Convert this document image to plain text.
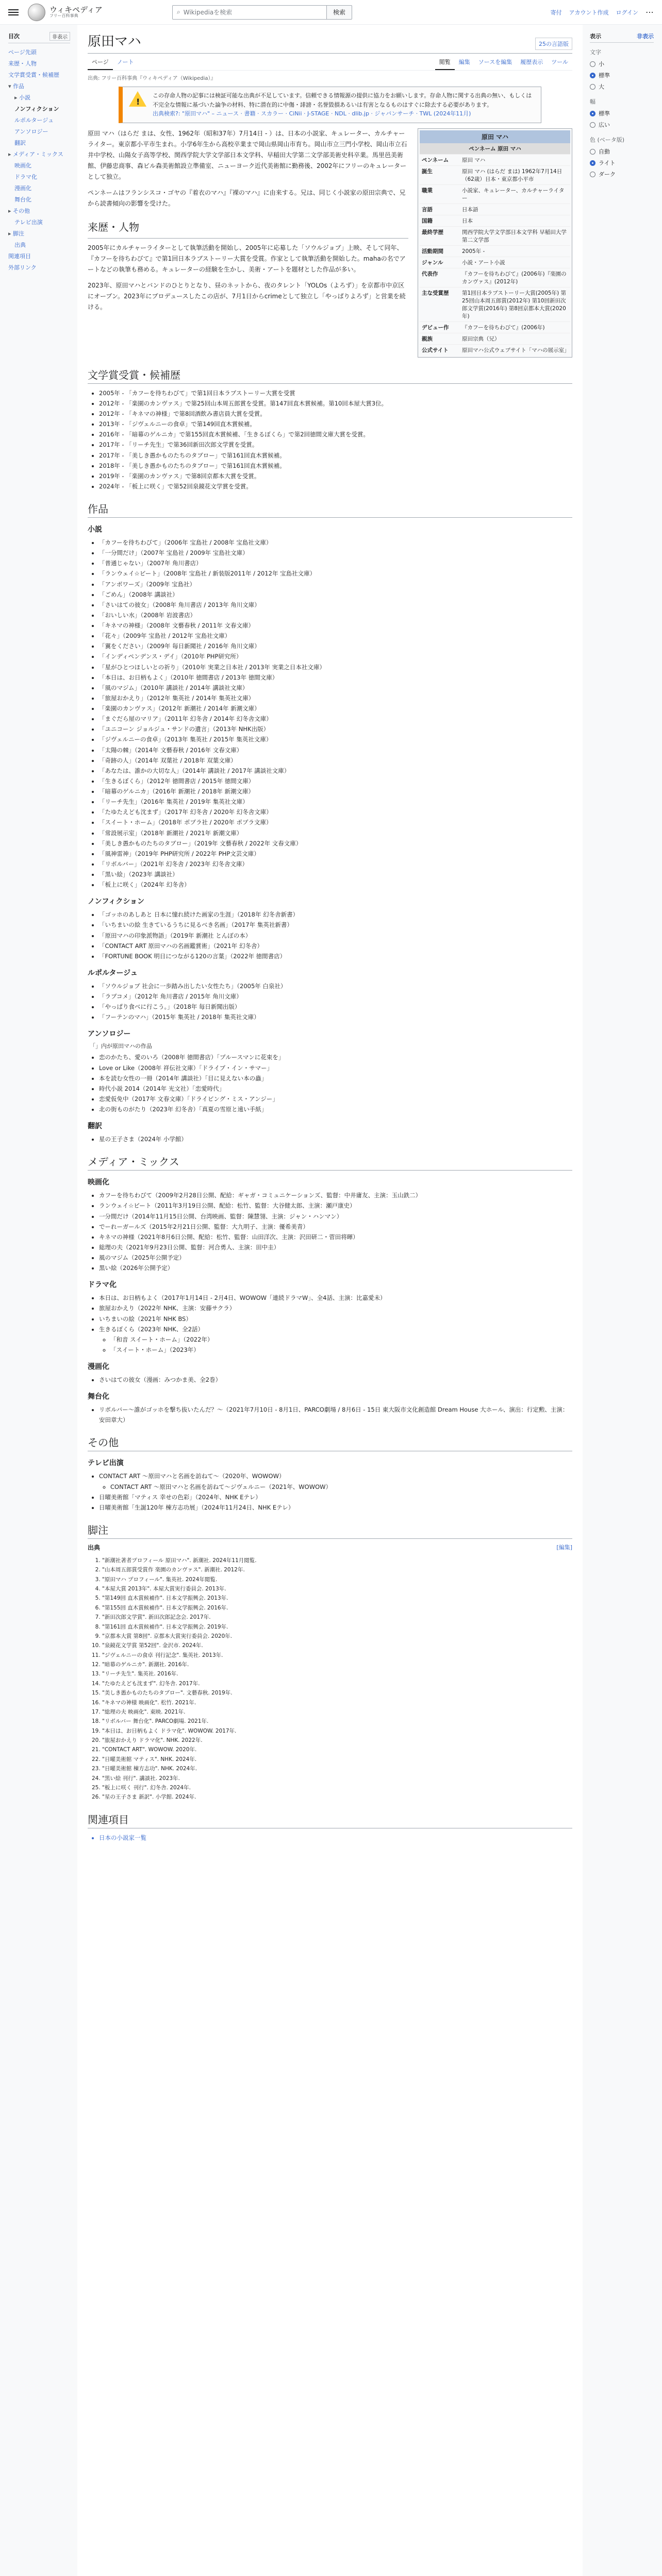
ウィキペディア
フリー百科事典
⌕ Wikipediaを検索	検索	寄付 アカウント作成 ログイン ⋯
目次	非表示
ページ先頭
来歴・人物
文学賞受賞・候補歴
▾ 作品
▸ 小説
ノンフィクション
ルポルタージュ
アンソロジー
翻訳
▸ メディア・ミックス
映画化
ドラマ化
漫画化
舞台化
▸ その他
テレビ出演
▸ 脚注
出典
関連項目
外部リンク
原田マハ	25の言語版
ページ	ノート	閲覧	編集	ソースを編集	履歴表示	ツール
出典: フリー百科事典『ウィキペディア（Wikipedia）』
!
この存命人物の記事には検証可能な出典が不足しています。信頼できる情報源の提供に協力をお願いします。存命人物に関する出典の無い、もしくは不完全な情報に基づいた論争の材料、特に潜在的に中傷・誹謗・名誉毀損あるいは有害となるものはすぐに除去する必要があります。
出典検索?: "原田マハ" – ニュース · 書籍 · スカラー · CiNii · J-STAGE · NDL · dlib.jp · ジャパンサーチ · TWL (2024年11月)

原田 マハ（はらだ まは、女性、1962年（昭和37年）7月14日 - ）は、日本の小説家、キュレーター、カルチャーライター。東京都小平市生まれ。小学6年生から高校卒業まで岡山県岡山市育ち。岡山市立三門小学校、岡山市立石井中学校、山陽女子高等学校、関西学院大学文学部日本文学科、早稲田大学第二文学部美術史科卒業。馬里邑美術館、伊藤忠商事、森ビル森美術館設立準備室、ニューヨーク近代美術館に勤務後、2002年にフリーのキュレーターとして独立。

ペンネームはフランシスコ・ゴヤの『着衣のマハ』『裸のマハ』に由来する。兄は、同じく小説家の原田宗典で、兄から読書傾向の影響を受けた。

来歴・人物

2005年にカルチャーライターとして執筆活動を開始し、2005年に応募した「ソウルジョブ」上映、そして同年、『カフーを待ちわびて』で第1回日本ラブストーリー大賞を受賞。作家として執筆活動を開始した。mahaの名でアートなどの執筆も務める。キュレーターの経験を生かし、美術・アートを題材とした作品が多い。

2023年、原田マハとバンドのひとりとなり、昼のネットから、夜のタレント「YOLOs（よろず）」を京都市中京区にオープン。2023年にプロデュースしたこの店が、7月1日からcrimeとして独立し「やっぱりよろず」と営業を続ける。

原田 マハ
ペンネーム 原田 マハ
ペンネーム	原田 マハ
誕生	原田 マハ (はらだ まは) 1962年7月14日（62歳）日本・東京都小平市
職業	小説家、キュレーター、カルチャーライター
言語	日本語
国籍	日本
最終学歴	関西学院大学文学部日本文学科 早稲田大学第二文学部
活動期間	2005年 -
ジャンル	小説・アート小説
代表作	『カフーを待ちわびて』(2006年)『楽園のカンヴァス』(2012年)
主な受賞歴	第1回日本ラブストーリー大賞(2005年) 第25回山本周五郎賞(2012年) 第10回新田次郎文学賞(2016年) 第8回京都本大賞(2020年)
デビュー作	『カフーを待ちわびて』(2006年)
親族	原田宗典（兄）
公式サイト	原田マハ公式ウェブサイト「マハの展示室」
文学賞受賞・候補歴
• 2005年 - 「カフーを待ちわびて」で第1回日本ラブストーリー大賞を受賞
• 2012年 - 「楽園のカンヴァス」で第25回山本周五郎賞を受賞。第147回直木賞候補。第10回本屋大賞3位。
• 2012年 - 「キネマの神様」で第8回酒飲み書店員大賞を受賞。
• 2013年 - 「ジヴェルニーの食卓」で第149回直木賞候補。
• 2016年 - 「暗幕のゲルニカ」で第155回直木賞候補、「生きるぼくら」で第2回徳間文庫大賞を受賞。
• 2017年 - 「リーチ先生」で第36回新田次郎文学賞を受賞。
• 2017年 - 「美しき愚かものたちのタブロー」で第161回直木賞候補。
• 2018年 - 「美しき愚かものたちのタブロー」で第161回直木賞候補。
• 2019年 - 「楽園のカンヴァス」で第8回京都本大賞を受賞。
• 2024年 - 「板上に咲く」で第52回泉鏡花文学賞を受賞。
作品
小説
• 「カフーを待ちわびて」（2006年 宝島社 / 2008年 宝島社文庫）
• 「一分間だけ」（2007年 宝島社 / 2009年 宝島社文庫）
• 「普通じゃない」（2007年 角川書店）
• 「ランウェイ☆ビート」（2008年 宝島社 / 新装版2011年 / 2012年 宝島社文庫）
• 「アンボワーズ」（2009年 宝島社）
• 「ごめん」（2008年 講談社）
• 「さいはての彼女」（2008年 角川書店 / 2013年 角川文庫）
• 「おいしい水」（2008年 岩波書店）
• 「キネマの神様」（2008年 文藝春秋 / 2011年 文春文庫）
• 「花々」（2009年 宝島社 / 2012年 宝島社文庫）
• 「翼をください」（2009年 毎日新聞社 / 2016年 角川文庫）
• 「インディペンデンス・デイ」（2010年 PHP研究所）
• 「星がひとつほしいとの祈り」（2010年 実業之日本社 / 2013年 実業之日本社文庫）
• 「本日は、お日柄もよく」（2010年 徳間書店 / 2013年 徳間文庫）
• 「風のマジム」（2010年 講談社 / 2014年 講談社文庫）
• 「旅屋おかえり」（2012年 集英社 / 2014年 集英社文庫）
• 「楽園のカンヴァス」（2012年 新潮社 / 2014年 新潮文庫）
• 「まぐだら屋のマリア」（2011年 幻冬舎 / 2014年 幻冬舎文庫）
• 「ユニコーン ジョルジュ・サンドの遺言」（2013年 NHK出版）
• 「ジヴェルニーの食卓」（2013年 集英社 / 2015年 集英社文庫）
• 「太陽の棘」（2014年 文藝春秋 / 2016年 文春文庫）
• 「奇跡の人」（2014年 双葉社 / 2018年 双葉文庫）
• 「あなたは、誰かの大切な人」（2014年 講談社 / 2017年 講談社文庫）
• 「生きるぼくら」（2012年 徳間書店 / 2015年 徳間文庫）
• 「暗幕のゲルニカ」（2016年 新潮社 / 2018年 新潮文庫）
• 「リーチ先生」（2016年 集英社 / 2019年 集英社文庫）
• 「たゆたえども沈まず」（2017年 幻冬舎 / 2020年 幻冬舎文庫）
• 「スイート・ホーム」（2018年 ポプラ社 / 2020年 ポプラ文庫）
• 「常設展示室」（2018年 新潮社 / 2021年 新潮文庫）
• 「美しき愚かものたちのタブロー」（2019年 文藝春秋 / 2022年 文春文庫）
• 「風神雷神」（2019年 PHP研究所 / 2022年 PHP文芸文庫）
• 「リボルバー」（2021年 幻冬舎 / 2023年 幻冬舎文庫）
• 「黒い絵」（2023年 講談社）
• 「板上に咲く」（2024年 幻冬舎）
ノンフィクション
• 「ゴッホのあしあと 日本に憧れ続けた画家の生涯」（2018年 幻冬舎新書）
• 「いちまいの絵 生きているうちに見るべき名画」（2017年 集英社新書）
• 「原田マハの印象派物語」（2019年 新潮社 とんぼの本）
• 「CONTACT ART 原田マハの名画鑑賞術」（2021年 幻冬舎）
• 「FORTUNE BOOK 明日につながる120の言葉」（2022年 徳間書店）
ルポルタージュ
• 「ソウルジョブ 社会に一歩踏み出したい女性たち」（2005年 白泉社）
• 「ラブコメ」（2012年 角川書店 / 2015年 角川文庫）
• 「やっぱり食べに行こう。」（2018年 毎日新聞出版）
• 「フーテンのマハ」（2015年 集英社 / 2018年 集英社文庫）
アンソロジー
「」内が原田マハの作品
• 恋のかたち、愛のいろ（2008年 徳間書店）「プルースマンに花束を」
• Love or Like（2008年 祥伝社文庫）「ドライブ・イン・サマー」
• 本を読む女性の一冊（2014年 講談社）「目に見えない本の蟲」
• 時代小説 2014（2014年 光文社）「恋愛時代」
• 恋愛仮免中（2017年 文春文庫）「ドライビング・ミス・アンジー」
• 北の街ものがたり（2023年 幻冬舎）「真夏の雪原と遠い手紙」
翻訳
• 星の王子さま（2024年 小学館）
メディア・ミックス
映画化
• カフーを待ちわびて（2009年2月28日公開、配給：ギャガ・コミュニケーションズ、監督：中井庸友、主演：玉山鉄二）
• ランウェイ☆ビート（2011年3月19日公開、配給：松竹、監督：大谷健太郎、主演：瀬戸康史）
• 一分間だけ（2014年11月15日公開、台湾映画、監督：陳慧翎、主演：ジャン・ハンマン）
• でーれーガールズ（2015年2月21日公開、監督：大九明子、主演：優希美青）
• キネマの神様（2021年8月6日公開、配給：松竹、監督：山田洋次、主演：沢田研二・菅田将暉）
• 総理の夫（2021年9月23日公開、監督：河合勇人、主演：田中圭）
• 風のマジム（2025年公開予定）
• 黒い絵（2026年公開予定）
ドラマ化
• 本日は、お日柄もよく（2017年1月14日 - 2月4日、WOWOW「連続ドラマW」、全4話、主演：比嘉愛未）
• 旅屋おかえり（2022年 NHK、主演：安藤サクラ）
• いちまいの絵（2021年 NHK BS）
• 生きるぼくら（2023年 NHK、全2話）
◦ 「和音 スイート・ホーム」（2022年）
◦ 「スイート・ホーム」（2023年）
漫画化
• さいはての彼女（漫画：みつかま美、全2巻）
舞台化
• リボルバー〜誰がゴッホを撃ち抜いたんだ？〜（2021年7月10日 - 8月1日、PARCO劇場 / 8月6日 - 15日 東大阪市文化創造館 Dream House 大ホール、演出：行定勲、主演：安田章大）
その他
テレビ出演
• CONTACT ART ～原田マハと名画を訪ねて～（2020年、WOWOW）
◦ CONTACT ART ～原田マハと名画を訪ねて～ジヴェルニー（2021年、WOWOW）
• 日曜美術館「マティス 幸せの色彩」（2024年、NHK Eテレ）
• 日曜美術館「生誕120年 棟方志功展」（2024年11月24日、NHK Eテレ）
脚注
出典	[編集]
1. "新潮社著者プロフィール 原田マハ". 新潮社. 2024年11月閲覧.
2. "山本周五郎賞受賞作 楽園のカンヴァス". 新潮社. 2012年.
3. "原田マハ プロフィール". 集英社. 2024年閲覧.
4. "本屋大賞 2013年". 本屋大賞実行委員会. 2013年.
5. "第149回 直木賞候補作". 日本文学振興会. 2013年.
6. "第155回 直木賞候補作". 日本文学振興会. 2016年.
7. "新田次郎文学賞". 新田次郎記念会. 2017年.
8. "第161回 直木賞候補作". 日本文学振興会. 2019年.
9. "京都本大賞 第8回". 京都本大賞実行委員会. 2020年.
10. "泉鏡花文学賞 第52回". 金沢市. 2024年.
11. "ジヴェルニーの食卓 刊行記念". 集英社. 2013年.
12. "暗幕のゲルニカ". 新潮社. 2016年.
13. "リーチ先生". 集英社. 2016年.
14. "たゆたえども沈まず". 幻冬舎. 2017年.
15. "美しき愚かものたちのタブロー". 文藝春秋. 2019年.
16. "キネマの神様 映画化". 松竹. 2021年.
17. "総理の夫 映画化". 東映. 2021年.
18. "リボルバー 舞台化". PARCO劇場. 2021年.
19. "本日は、お日柄もよく ドラマ化". WOWOW. 2017年.
20. "旅屋おかえり ドラマ化". NHK. 2022年.
21. "CONTACT ART". WOWOW. 2020年.
22. "日曜美術館 マティス". NHK. 2024年.
23. "日曜美術館 棟方志功". NHK. 2024年.
24. "黒い絵 刊行". 講談社. 2023年.
25. "板上に咲く 刊行". 幻冬舎. 2024年.
26. "星の王子さま 新訳". 小学館. 2024年.
関連項目
• 日本の小説家一覧
表示	非表示
文字
小
標準
大
幅
標準
広い
色 (ベータ版)
自動
ライト
ダーク
